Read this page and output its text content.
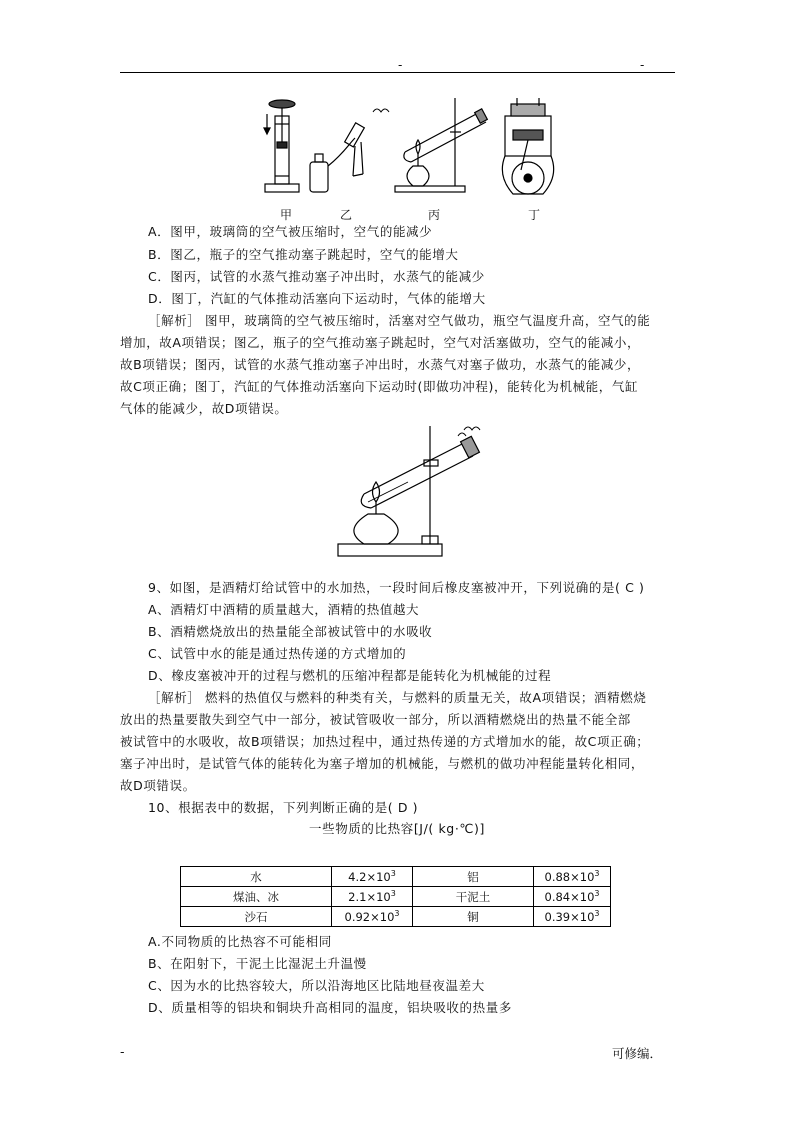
-	-
甲	乙	丙	丁
A．图甲，玻璃筒的空气被压缩时，空气的能减少
B．图乙，瓶子的空气推动塞子跳起时，空气的能增大
C．图丙，试管的水蒸气推动塞子冲出时，水蒸气的能减少
D．图丁，汽缸的气体推动活塞向下运动时，气体的能增大
［解析］ 图甲，玻璃筒的空气被压缩时，活塞对空气做功，瓶空气温度升高，空气的能
增加，故A项错误；图乙，瓶子的空气推动塞子跳起时，空气对活塞做功，空气的能减小，
故B项错误；图丙，试管的水蒸气推动塞子冲出时，水蒸气对塞子做功，水蒸气的能减少，
故C项正确；图丁，汽缸的气体推动活塞向下运动时(即做功冲程)，能转化为机械能，气缸
气体的能减少，故D项错误。
9、如图，是酒精灯给试管中的水加热，一段时间后橡皮塞被冲开，下列说确的是( C )
A、酒精灯中酒精的质量越大，酒精的热值越大
B、酒精燃烧放出的热量能全部被试管中的水吸收
C、试管中水的能是通过热传递的方式增加的
D、橡皮塞被冲开的过程与燃机的压缩冲程都是能转化为机械能的过程
［解析］ 燃料的热值仅与燃料的种类有关，与燃料的质量无关，故A项错误；酒精燃烧
放出的热量要散失到空气中一部分，被试管吸收一部分，所以酒精燃烧出的热量不能全部
被试管中的水吸收，故B项错误；加热过程中，通过热传递的方式增加水的能，故C项正确；
塞子冲出时，是试管气体的能转化为塞子增加的机械能，与燃机的做功冲程能量转化相同，
故D项错误。
10、根据表中的数据，下列判断正确的是( D )
一些物质的比热容[J/( kg·℃)]
水	$4.2\times 10^3$	铝	$0.88\times 10^3$
煤油、冰	$2.1\times 10^3$	干泥土	$0.84\times 10^3$
沙石	$0.92\times 10^3$	铜	$0.39\times 10^3$
A.不同物质的比热容不可能相同
B、在阳射下，干泥土比湿泥土升温慢
C、因为水的比热容较大，所以沿海地区比陆地昼夜温差大
D、质量相等的铝块和铜块升高相同的温度，铝块吸收的热量多
-	可修编．
